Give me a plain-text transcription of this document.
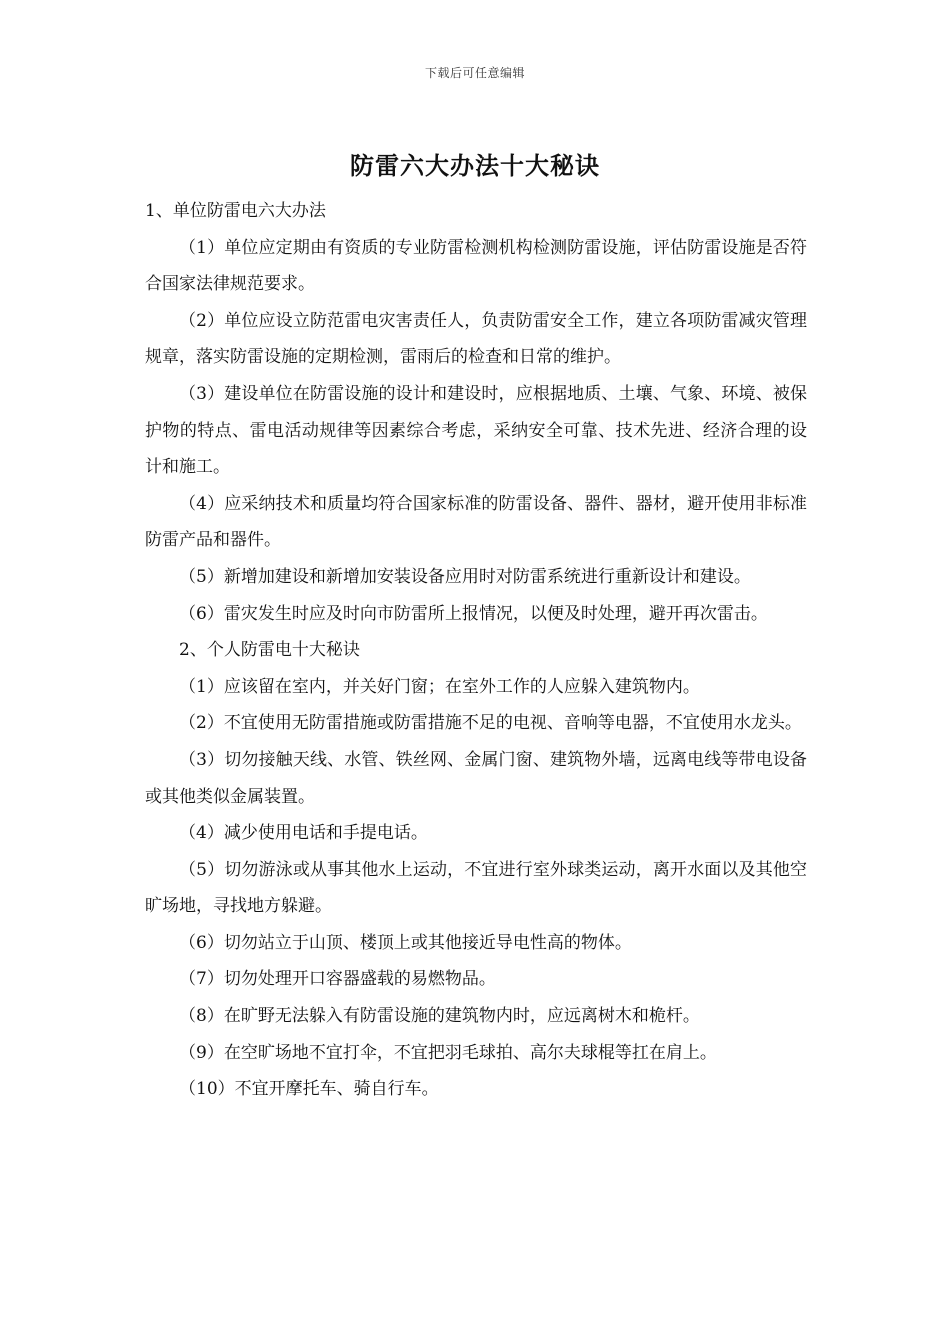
下载后可任意编辑
防雷六大办法十大秘诀

1、单位防雷电六大办法

（1）单位应定期由有资质的专业防雷检测机构检测防雷设施，评估防雷设施是否符合国家法律规范要求。

（2）单位应设立防范雷电灾害责任人，负责防雷安全工作，建立各项防雷减灾管理规章，落实防雷设施的定期检测，雷雨后的检查和日常的维护。

（3）建设单位在防雷设施的设计和建设时，应根据地质、土壤、气象、环境、被保护物的特点、雷电活动规律等因素综合考虑，采纳安全可靠、技术先进、经济合理的设计和施工。

（4）应采纳技术和质量均符合国家标准的防雷设备、器件、器材，避开使用非标准防雷产品和器件。

（5）新增加建设和新增加安装设备应用时对防雷系统进行重新设计和建设。

（6）雷灾发生时应及时向市防雷所上报情况，以便及时处理，避开再次雷击。

2、个人防雷电十大秘诀

（1）应该留在室内，并关好门窗；在室外工作的人应躲入建筑物内。

（2）不宜使用无防雷措施或防雷措施不足的电视、音响等电器，不宜使用水龙头。

（3）切勿接触天线、水管、铁丝网、金属门窗、建筑物外墙，远离电线等带电设备或其他类似金属装置。

（4）减少使用电话和手提电话。

（5）切勿游泳或从事其他水上运动，不宜进行室外球类运动，离开水面以及其他空旷场地，寻找地方躲避。

（6）切勿站立于山顶、楼顶上或其他接近导电性高的物体。

（7）切勿处理开口容器盛载的易燃物品。

（8）在旷野无法躲入有防雷设施的建筑物内时，应远离树木和桅杆。

（9）在空旷场地不宜打伞，不宜把羽毛球拍、高尔夫球棍等扛在肩上。

（10）不宜开摩托车、骑自行车。
